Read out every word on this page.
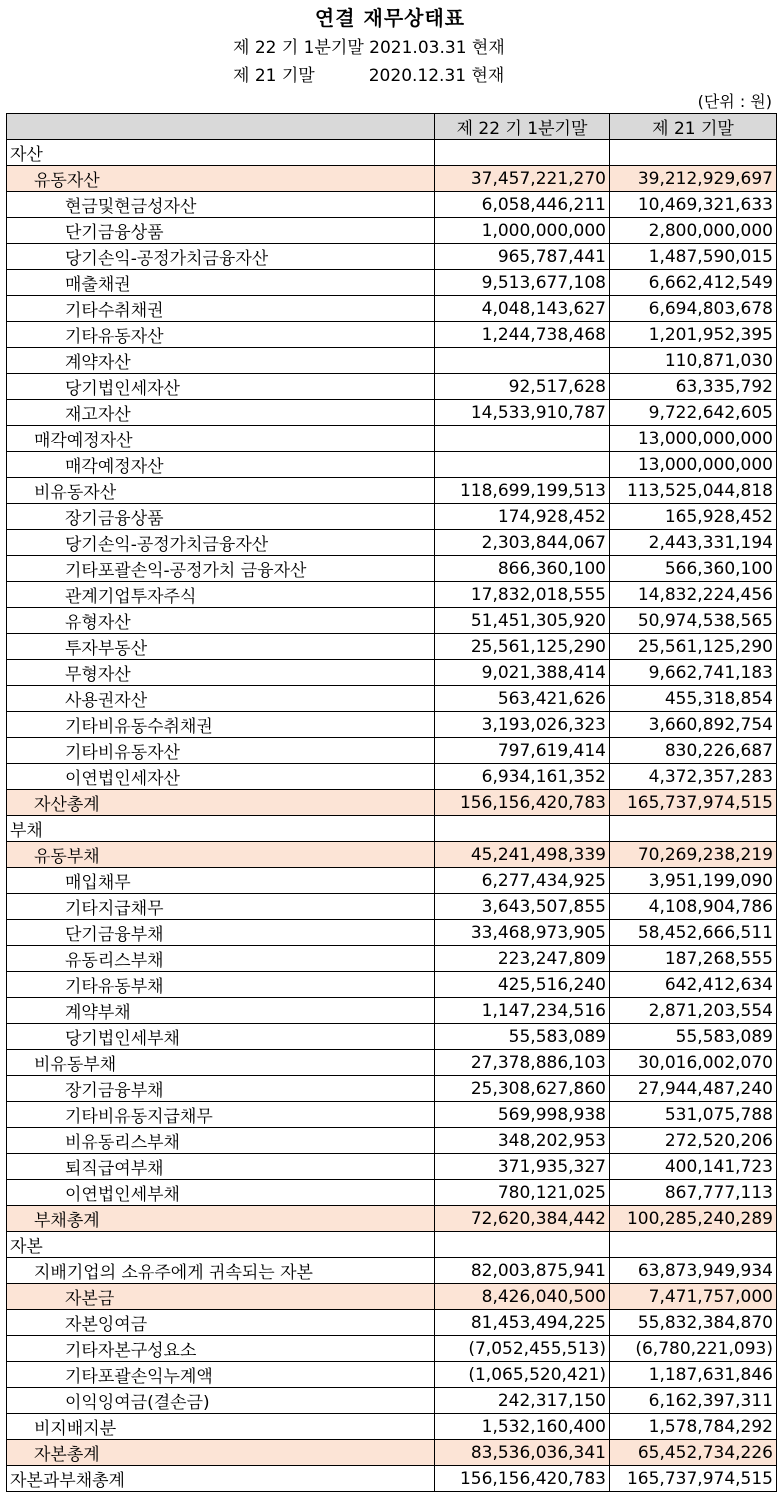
연결 재무상태표
제 22 기 1분기말 2021.03.31 현재
제 21 기말          2020.12.31 현재
(단위 : 원)
	제 22 기 1분기말	제 21 기말
자산		
유동자산	37,457,221,270	39,212,929,697
현금및현금성자산	6,058,446,211	10,469,321,633
단기금융상품	1,000,000,000	2,800,000,000
당기손익-공정가치금융자산	965,787,441	1,487,590,015
매출채권	9,513,677,108	6,662,412,549
기타수취채권	4,048,143,627	6,694,803,678
기타유동자산	1,244,738,468	1,201,952,395
계약자산		110,871,030
당기법인세자산	92,517,628	63,335,792
재고자산	14,533,910,787	9,722,642,605
매각예정자산		13,000,000,000
매각예정자산		13,000,000,000
비유동자산	118,699,199,513	113,525,044,818
장기금융상품	174,928,452	165,928,452
당기손익-공정가치금융자산	2,303,844,067	2,443,331,194
기타포괄손익-공정가치 금융자산	866,360,100	566,360,100
관계기업투자주식	17,832,018,555	14,832,224,456
유형자산	51,451,305,920	50,974,538,565
투자부동산	25,561,125,290	25,561,125,290
무형자산	9,021,388,414	9,662,741,183
사용권자산	563,421,626	455,318,854
기타비유동수취채권	3,193,026,323	3,660,892,754
기타비유동자산	797,619,414	830,226,687
이연법인세자산	6,934,161,352	4,372,357,283
자산총계	156,156,420,783	165,737,974,515
부채		
유동부채	45,241,498,339	70,269,238,219
매입채무	6,277,434,925	3,951,199,090
기타지급채무	3,643,507,855	4,108,904,786
단기금융부채	33,468,973,905	58,452,666,511
유동리스부채	223,247,809	187,268,555
기타유동부채	425,516,240	642,412,634
계약부채	1,147,234,516	2,871,203,554
당기법인세부채	55,583,089	55,583,089
비유동부채	27,378,886,103	30,016,002,070
장기금융부채	25,308,627,860	27,944,487,240
기타비유동지급채무	569,998,938	531,075,788
비유동리스부채	348,202,953	272,520,206
퇴직급여부채	371,935,327	400,141,723
이연법인세부채	780,121,025	867,777,113
부채총계	72,620,384,442	100,285,240,289
자본		
지배기업의 소유주에게 귀속되는 자본	82,003,875,941	63,873,949,934
자본금	8,426,040,500	7,471,757,000
자본잉여금	81,453,494,225	55,832,384,870
기타자본구성요소	(7,052,455,513)	(6,780,221,093)
기타포괄손익누계액	(1,065,520,421)	1,187,631,846
이익잉여금(결손금)	242,317,150	6,162,397,311
비지배지분	1,532,160,400	1,578,784,292
자본총계	83,536,036,341	65,452,734,226
자본과부채총계	156,156,420,783	165,737,974,515
